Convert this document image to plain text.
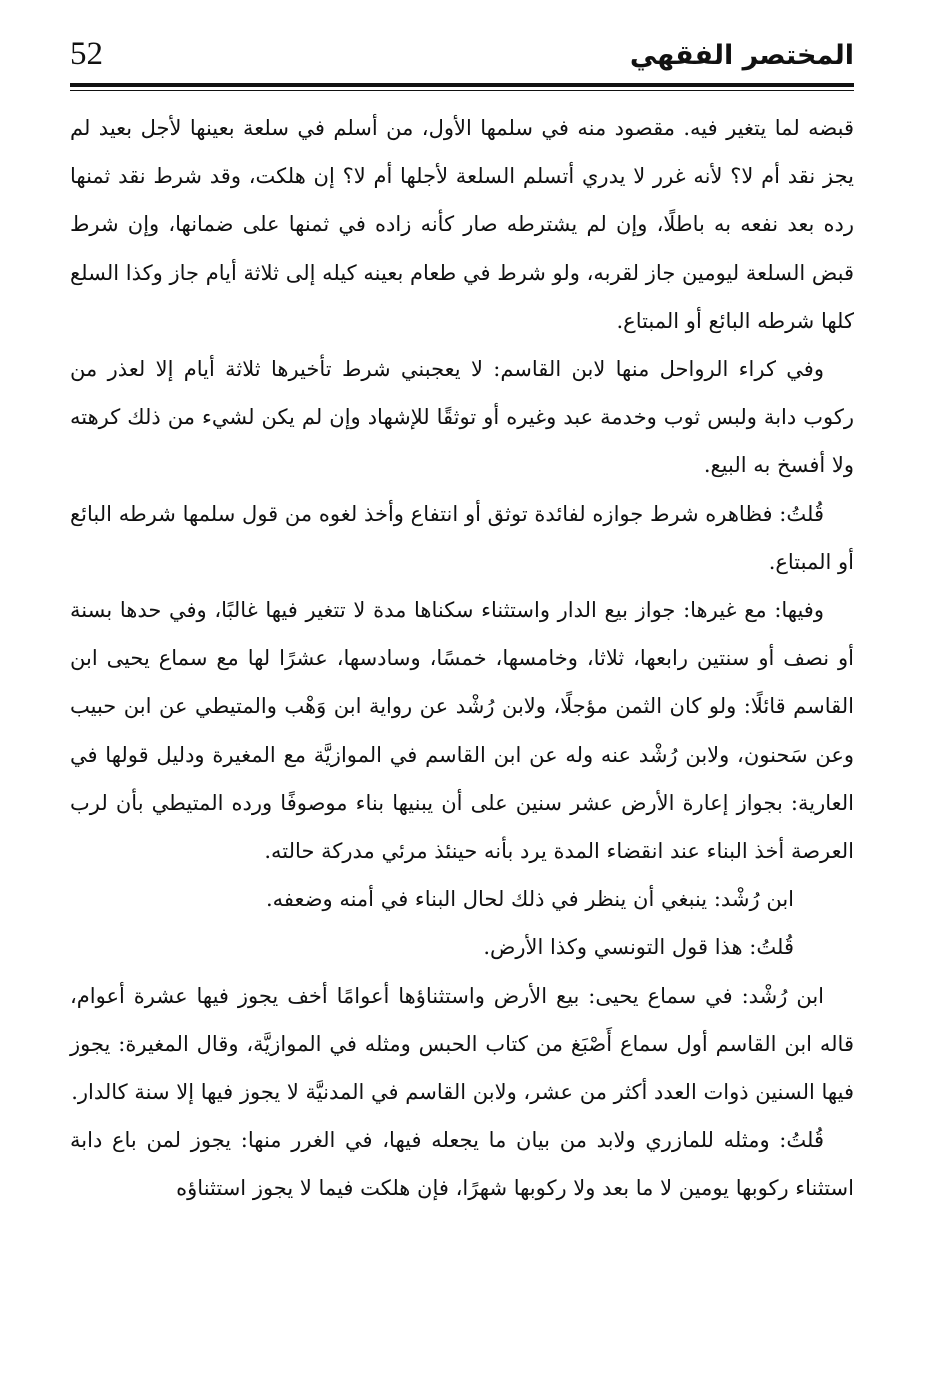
52	المختصر الفقهي

قبضه لما يتغير فيه. مقصود منه في سلمها الأول، من أسلم في سلعة بعينها لأجل بعيد لم يجز نقد أم لا؟ لأنه غرر لا يدري أتسلم السلعة لأجلها أم لا؟ إن هلكت، وقد شرط نقد ثمنها رده بعد نفعه به باطلًا، وإن لم يشترطه صار كأنه زاده في ثمنها على ضمانها، وإن شرط قبض السلعة ليومين جاز لقربه، ولو شرط في طعام بعينه كيله إلى ثلاثة أيام جاز وكذا السلع كلها شرطه البائع أو المبتاع.

وفي كراء الرواحل منها لابن القاسم: لا يعجبني شرط تأخيرها ثلاثة أيام إلا لعذر من ركوب دابة ولبس ثوب وخدمة عبد وغيره أو توثقًا للإشهاد وإن لم يكن لشيء من ذلك كرهته ولا أفسخ به البيع.

قُلتُ: فظاهره شرط جوازه لفائدة توثق أو انتفاع وأخذ لغوه من قول سلمها شرطه البائع أو المبتاع.

وفيها: مع غيرها: جواز بيع الدار واستثناء سكناها مدة لا تتغير فيها غالبًا، وفي حدها بسنة أو نصف أو سنتين رابعها، ثلاثا، وخامسها، خمسًا، وسادسها، عشرًا لها مع سماع يحيى ابن القاسم قائلًا: ولو كان الثمن مؤجلًا، ولابن رُشْد عن رواية ابن وَهْب والمتيطي عن ابن حبيب وعن سَحنون، ولابن رُشْد عنه وله عن ابن القاسم في الموازيَّة مع المغيرة ودليل قولها في العارية: بجواز إعارة الأرض عشر سنين على أن يبنيها بناء موصوفًا ورده المتيطي بأن لرب العرصة أخذ البناء عند انقضاء المدة يرد بأنه حينئذ مرئي مدركة حالته.

ابن رُشْد: ينبغي أن ينظر في ذلك لحال البناء في أمنه وضعفه.

قُلتُ: هذا قول التونسي وكذا الأرض.

ابن رُشْد: في سماع يحيى: بيع الأرض واستثناؤها أعوامًا أخف يجوز فيها عشرة أعوام، قاله ابن القاسم أول سماع أَصْبَغ من كتاب الحبس ومثله في الموازيَّة، وقال المغيرة: يجوز فيها السنين ذوات العدد أكثر من عشر، ولابن القاسم في المدنيَّة لا يجوز فيها إلا سنة كالدار.

قُلتُ: ومثله للمازري ولابد من بيان ما يجعله فيها، في الغرر منها: يجوز لمن باع دابة استثناء ركوبها يومين لا ما بعد ولا ركوبها شهرًا، فإن هلكت فيما لا يجوز استثناؤه
